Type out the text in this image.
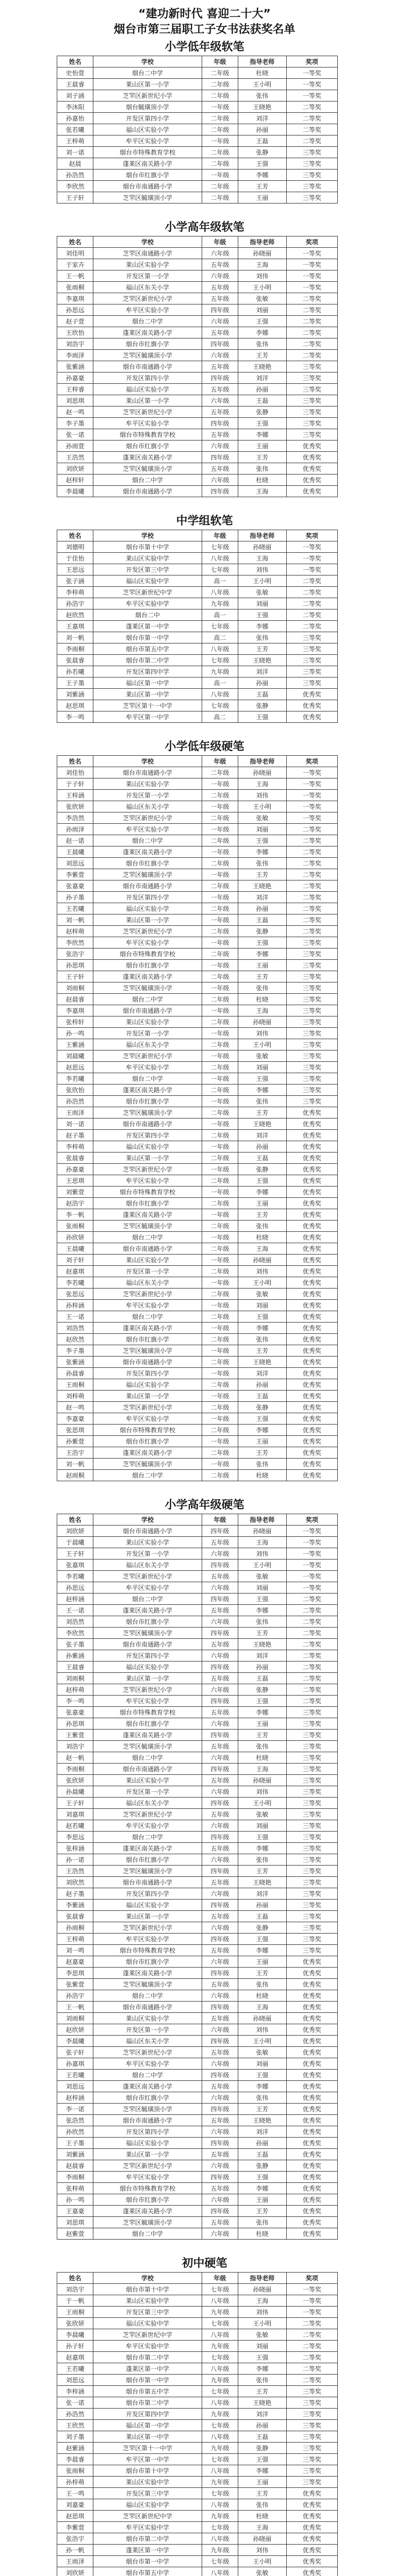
“建功新时代 喜迎二十大”
烟台市第三届职工子女书法获奖名单
小学低年级软笔
姓名	学校	年级	指导老师	奖项
史怡萱	烟台二中学	二年级	杜晓	一等奖
王晨睿	莱山区第一小学	二年级	王小明	一等奖
刘子涵	芝罘区新世纪小学	二年级	张伟	一等奖
李沐阳	烟台毓璜顶小学	一年级	王晓艳	二等奖
孙嘉怡	开发区第四小学	二年级	刘洋	二等奖
张若曦	福山区实验小学	二年级	孙丽	二等奖
王梓萌	牟平区实验小学	一年级	王磊	二等奖
刘一诺	烟台市特殊教育学校	二年级	张静	三等奖
赵晨	蓬莱区南关路小学	二年级	王强	三等奖
孙浩然	烟台市红旗小学	一年级	李娜	三等奖
李欣然	烟台市南通路小学	二年级	王芳	三等奖
王子轩	芝罘区毓璜顶小学	二年级	王丽	三等奖
小学高年级软笔
姓名	学校	年级	指导老师	奖项
刘佳明	芝罘区南通路小学	六年级	孙晓丽	一等奖
于家卉	莱山区实验小学	五年级	王海	一等奖
王一帆	开发区第一小学	六年级	刘伟	一等奖
张雨桐	福山区东关小学	五年级	王小明	一等奖
李嘉琪	芝罘区新世纪小学	五年级	张敏	二等奖
孙思远	牟平区实验小学	四年级	刘丽	二等奖
赵子萱	烟台二中学	六年级	王强	二等奖
王欣怡	蓬莱区南关路小学	五年级	李娜	二等奖
刘浩宇	烟台市红旗小学	四年级	张伟	二等奖
李雨泽	芝罘区毓璜顶小学	六年级	王芳	二等奖
张紫涵	烟台市南通路小学	五年级	王晓艳	三等奖
孙嘉豪	开发区第四小学	四年级	刘洋	三等奖
王梓睿	福山区实验小学	五年级	孙丽	三等奖
刘思琪	莱山区第一小学	六年级	王磊	三等奖
赵一鸣	芝罘区新世纪小学	五年级	张静	三等奖
李子墨	牟平区实验小学	四年级	王强	三等奖
张一诺	烟台市特殊教育学校	五年级	李娜	三等奖
孙雨萱	烟台市红旗小学	六年级	王丽	优秀奖
王浩然	蓬莱区南关路小学	四年级	王芳	优秀奖
刘欣妍	芝罘区毓璜顶小学	五年级	张伟	优秀奖
赵梓轩	烟台二中学	六年级	杜晓	优秀奖
李晨曦	烟台市南通路小学	四年级	王海	优秀奖
中学组软笔
姓名	学校	年级	指导老师	奖项
刘德明	烟台市第十中学	七年级	孙晓丽	一等奖
于佳怡	莱山区实验中学	八年级	王海	一等奖
王思远	开发区第三中学	七年级	刘伟	一等奖
张子涵	福山区实验中学	高一	王小明	二等奖
李梓萌	芝罘区新世纪中学	八年级	张敏	二等奖
孙浩宇	牟平区实验中学	九年级	刘丽	二等奖
赵欣然	烟台二中	高一	王强	二等奖
王嘉琪	蓬莱区第一中学	七年级	李娜	二等奖
刘一帆	烟台市第一中学	高二	张伟	三等奖
李雨桐	烟台市第五中学	八年级	王芳	三等奖
张晨睿	烟台市第二中学	七年级	王晓艳	三等奖
孙若曦	开发区第四中学	九年级	刘洋	三等奖
王子墨	福山区第一中学	高一	孙丽	三等奖
刘紫涵	莱山区第一中学	八年级	王磊	优秀奖
赵思琪	芝罘区第十一中学	七年级	张静	优秀奖
李一鸣	牟平区第一中学	高二	王强	优秀奖
小学低年级硬笔
姓名	学校	年级	指导老师	奖项
刘佳怡	烟台市南通路小学	二年级	孙晓丽	一等奖
于子轩	莱山区实验小学	一年级	王海	一等奖
王梓涵	开发区第一小学	二年级	刘伟	一等奖
张欣妍	福山区东关小学	一年级	王小明	一等奖
李浩然	芝罘区新世纪小学	二年级	张敏	一等奖
孙雨泽	牟平区实验小学	一年级	刘丽	二等奖
赵一诺	烟台二中学	二年级	王强	二等奖
王晨曦	蓬莱区南关路小学	一年级	李娜	二等奖
刘思远	烟台市红旗小学	二年级	张伟	二等奖
李紫萱	芝罘区毓璜顶小学	一年级	王芳	二等奖
张嘉豪	烟台市南通路小学	二年级	王晓艳	二等奖
孙子墨	开发区第四小学	一年级	刘洋	二等奖
王若曦	福山区实验小学	二年级	孙丽	二等奖
刘一帆	莱山区第一小学	一年级	王磊	二等奖
赵梓萌	芝罘区新世纪小学	二年级	张静	二等奖
李欣然	牟平区实验小学	一年级	王强	三等奖
张浩宇	烟台市特殊教育学校	二年级	李娜	三等奖
孙思琪	烟台市红旗小学	一年级	王丽	三等奖
王子轩	蓬莱区南关路小学	二年级	王芳	三等奖
刘雨桐	芝罘区毓璜顶小学	一年级	张伟	三等奖
赵晨睿	烟台二中学	二年级	杜晓	三等奖
李嘉琪	烟台市南通路小学	一年级	王海	三等奖
张梓轩	莱山区实验小学	二年级	孙晓丽	三等奖
孙一鸣	开发区第一小学	一年级	刘伟	三等奖
王紫涵	福山区东关小学	二年级	王小明	三等奖
刘晨曦	芝罘区新世纪小学	一年级	张敏	三等奖
赵思远	牟平区实验小学	二年级	刘丽	三等奖
李若曦	烟台二中学	一年级	王强	三等奖
张欣怡	蓬莱区南关路小学	二年级	李娜	三等奖
孙浩然	烟台市红旗小学	一年级	张伟	三等奖
王雨泽	芝罘区毓璜顶小学	二年级	王芳	优秀奖
刘一诺	烟台市南通路小学	一年级	王晓艳	优秀奖
赵子墨	开发区第四小学	二年级	刘洋	优秀奖
李梓萌	福山区实验小学	一年级	孙丽	优秀奖
张晨睿	莱山区第一小学	二年级	王磊	优秀奖
孙嘉豪	芝罘区新世纪小学	一年级	张静	优秀奖
王思琪	牟平区实验小学	二年级	王强	优秀奖
刘紫萱	烟台市特殊教育学校	一年级	李娜	优秀奖
赵浩宇	烟台市红旗小学	二年级	王丽	优秀奖
李一帆	蓬莱区南关路小学	一年级	王芳	优秀奖
张雨桐	芝罘区毓璜顶小学	二年级	张伟	优秀奖
孙欣妍	烟台二中学	一年级	杜晓	优秀奖
王晨曦	烟台市南通路小学	二年级	王海	优秀奖
刘子轩	莱山区实验小学	一年级	孙晓丽	优秀奖
赵嘉琪	开发区第一小学	二年级	刘伟	优秀奖
李若曦	福山区东关小学	一年级	王小明	优秀奖
张思远	芝罘区新世纪小学	二年级	张敏	优秀奖
孙梓涵	牟平区实验小学	一年级	刘丽	优秀奖
王一诺	烟台二中学	二年级	王强	优秀奖
刘浩然	蓬莱区南关路小学	一年级	李娜	优秀奖
赵欣然	烟台市红旗小学	二年级	张伟	优秀奖
李子墨	芝罘区毓璜顶小学	一年级	王芳	优秀奖
张紫涵	烟台市南通路小学	二年级	王晓艳	优秀奖
孙晨睿	开发区第四小学	一年级	刘洋	优秀奖
王雨桐	福山区实验小学	二年级	孙丽	优秀奖
刘梓萌	莱山区第一小学	一年级	王磊	优秀奖
赵一鸣	芝罘区新世纪小学	二年级	张静	优秀奖
李嘉豪	牟平区实验小学	一年级	王强	优秀奖
张思琪	烟台市特殊教育学校	二年级	李娜	优秀奖
孙紫萱	烟台市红旗小学	一年级	王丽	优秀奖
王浩宇	蓬莱区南关路小学	二年级	王芳	优秀奖
刘一帆	芝罘区毓璜顶小学	一年级	张伟	优秀奖
赵雨桐	烟台二中学	二年级	杜晓	优秀奖
小学高年级硬笔
姓名	学校	年级	指导老师	奖项
刘欣妍	烟台市南通路小学	四年级	孙晓丽	一等奖
于晨曦	莱山区实验小学	五年级	王海	一等奖
王子轩	开发区第一小学	六年级	刘伟	一等奖
张嘉琪	福山区东关小学	四年级	王小明	一等奖
李若曦	芝罘区新世纪小学	五年级	张敏	一等奖
孙思远	牟平区实验小学	六年级	刘丽	一等奖
赵梓涵	烟台二中学	四年级	王强	二等奖
王一诺	蓬莱区南关路小学	五年级	李娜	二等奖
刘浩然	烟台市红旗小学	六年级	张伟	二等奖
李欣然	芝罘区毓璜顶小学	四年级	王芳	二等奖
张子墨	烟台市南通路小学	五年级	王晓艳	二等奖
孙紫涵	开发区第四小学	六年级	刘洋	二等奖
王晨睿	福山区实验小学	四年级	孙丽	二等奖
刘雨桐	莱山区第一小学	五年级	王磊	二等奖
赵梓萌	芝罘区新世纪小学	六年级	张静	二等奖
李一鸣	牟平区实验小学	四年级	王强	二等奖
张嘉豪	烟台市特殊教育学校	五年级	李娜	三等奖
孙思琪	烟台市红旗小学	六年级	王丽	三等奖
王紫萱	蓬莱区南关路小学	四年级	王芳	三等奖
刘浩宇	芝罘区毓璜顶小学	五年级	张伟	三等奖
赵一帆	烟台二中学	六年级	杜晓	三等奖
李雨桐	烟台市南通路小学	四年级	王海	三等奖
张欣妍	莱山区实验小学	五年级	孙晓丽	三等奖
孙晨曦	开发区第一小学	六年级	刘伟	三等奖
王子轩	福山区东关小学	四年级	王小明	三等奖
刘嘉琪	芝罘区新世纪小学	五年级	张敏	三等奖
赵若曦	牟平区实验小学	六年级	刘丽	三等奖
李思远	烟台二中学	四年级	王强	三等奖
张梓涵	蓬莱区南关路小学	五年级	李娜	三等奖
孙一诺	烟台市红旗小学	六年级	张伟	三等奖
王浩然	芝罘区毓璜顶小学	四年级	王芳	三等奖
刘欣然	烟台市南通路小学	五年级	王晓艳	三等奖
赵子墨	开发区第四小学	六年级	刘洋	三等奖
李紫涵	福山区实验小学	四年级	孙丽	三等奖
张晨睿	莱山区第一小学	五年级	王磊	三等奖
孙雨桐	芝罘区新世纪小学	六年级	张静	三等奖
王梓萌	牟平区实验小学	四年级	王强	三等奖
刘一鸣	烟台市特殊教育学校	五年级	李娜	三等奖
赵嘉豪	烟台市红旗小学	六年级	王丽	优秀奖
李思琪	蓬莱区南关路小学	四年级	王芳	优秀奖
张紫萱	芝罘区毓璜顶小学	五年级	张伟	优秀奖
孙浩宇	烟台二中学	六年级	杜晓	优秀奖
王一帆	烟台市南通路小学	四年级	王海	优秀奖
刘雨桐	莱山区实验小学	五年级	孙晓丽	优秀奖
赵欣妍	开发区第一小学	六年级	刘伟	优秀奖
李晨曦	福山区东关小学	四年级	王小明	优秀奖
张子轩	芝罘区新世纪小学	五年级	张敏	优秀奖
孙嘉琪	牟平区实验小学	六年级	刘丽	优秀奖
王若曦	烟台二中学	四年级	王强	优秀奖
刘思远	蓬莱区南关路小学	五年级	李娜	优秀奖
赵梓涵	烟台市红旗小学	六年级	张伟	优秀奖
李一诺	芝罘区毓璜顶小学	四年级	王芳	优秀奖
张浩然	烟台市南通路小学	五年级	王晓艳	优秀奖
孙欣然	开发区第四小学	六年级	刘洋	优秀奖
王子墨	福山区实验小学	四年级	孙丽	优秀奖
刘紫涵	莱山区第一小学	五年级	王磊	优秀奖
赵晨睿	芝罘区新世纪小学	六年级	张静	优秀奖
李雨桐	牟平区实验小学	四年级	王强	优秀奖
张梓萌	烟台市特殊教育学校	五年级	李娜	优秀奖
孙一鸣	烟台市红旗小学	六年级	王丽	优秀奖
王嘉豪	蓬莱区南关路小学	四年级	王芳	优秀奖
刘思琪	芝罘区毓璜顶小学	五年级	张伟	优秀奖
赵紫萱	烟台二中学	六年级	杜晓	优秀奖
初中硬笔
姓名	学校	年级	指导老师	奖项
刘浩宇	烟台市第十中学	七年级	孙晓丽	一等奖
于一帆	莱山区实验中学	八年级	王海	一等奖
王雨桐	开发区第三中学	九年级	刘伟	一等奖
张欣妍	福山区实验中学	七年级	王小明	二等奖
李晨曦	芝罘区新世纪中学	八年级	张敏	二等奖
孙子轩	牟平区实验中学	九年级	刘丽	二等奖
赵嘉琪	烟台市第二中学	七年级	王强	二等奖
王若曦	蓬莱区第一中学	八年级	李娜	二等奖
刘思远	烟台市第一中学	九年级	张伟	二等奖
李梓涵	烟台市第五中学	七年级	王芳	三等奖
张一诺	烟台市第二中学	八年级	王晓艳	三等奖
孙浩然	开发区第四中学	九年级	刘洋	三等奖
王欣然	福山区第一中学	七年级	孙丽	三等奖
刘子墨	莱山区第一中学	八年级	王磊	三等奖
赵紫涵	芝罘区第十一中学	九年级	张静	三等奖
李晨睿	牟平区第一中学	七年级	王强	三等奖
张雨桐	烟台市第十中学	八年级	李娜	三等奖
孙梓萌	莱山区实验中学	九年级	王丽	三等奖
王一鸣	开发区第三中学	七年级	王芳	优秀奖
刘嘉豪	福山区实验中学	八年级	张伟	优秀奖
赵思琪	芝罘区新世纪中学	九年级	杜晓	优秀奖
李紫萱	牟平区实验中学	七年级	王海	优秀奖
张浩宇	烟台市第二中学	八年级	孙晓丽	优秀奖
孙一帆	蓬莱区第一中学	九年级	刘伟	优秀奖
王雨泽	烟台市第一中学	七年级	王小明	优秀奖
刘欣妍	烟台市第五中学	八年级	张敏	优秀奖
